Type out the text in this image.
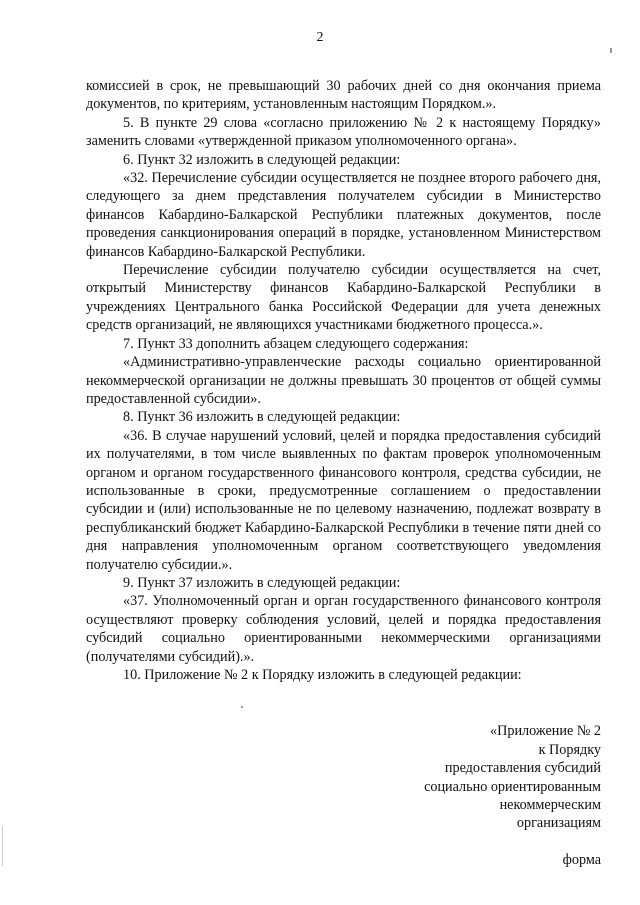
2

комиссией в срок, не превышающий 30 рабочих дней со дня окончания приема документов, по критериям, установленным настоящим Порядком.».

5. В пункте 29 слова «согласно приложению № 2 к настоящему Порядку» заменить словами «утвержденной приказом уполномоченного органа».

6. Пункт 32 изложить в следующей редакции:

«32. Перечисление субсидии осуществляется не позднее второго рабочего дня, следующего за днем представления получателем субсидии в Министерство финансов Кабардино-Балкарской Республики платежных документов, после проведения санкционирования операций в порядке, установленном Министерством финансов Кабардино-Балкарской Республики.

Перечисление субсидии получателю субсидии осуществляется на счет, открытый Министерству финансов Кабардино-Балкарской Республики в учреждениях Центрального банка Российской Федерации для учета денежных средств организаций, не являющихся участниками бюджетного процесса.».

7. Пункт 33 дополнить абзацем следующего содержания:

«Административно-управленческие расходы социально ориентированной некоммерческой организации не должны превышать 30 процентов от общей суммы предоставленной субсидии».

8. Пункт 36 изложить в следующей редакции:

«36. В случае нарушений условий, целей и порядка предоставления субсидий их получателями, в том числе выявленных по фактам проверок уполномоченным органом и органом государственного финансового контроля, средства субсидии, не использованные в сроки, предусмотренные соглашением о предоставлении субсидии и (или) использованные не по целевому назначению, подлежат возврату в республиканский бюджет Кабардино-Балкарской Республики в течение пяти дней со дня направления уполномоченным органом соответствующего уведомления получателю субсидии.».

9. Пункт 37 изложить в следующей редакции:

«37. Уполномоченный орган и орган государственного финансового контроля осуществляют проверку соблюдения условий, целей и порядка предоставления субсидий социально ориентированными некоммерческими организациями (получателями субсидий).».

10. Приложение № 2 к Порядку изложить в следующей редакции:

«Приложение № 2

к Порядку

предоставления субсидий

социально ориентированным

некоммерческим

организациям

форма
